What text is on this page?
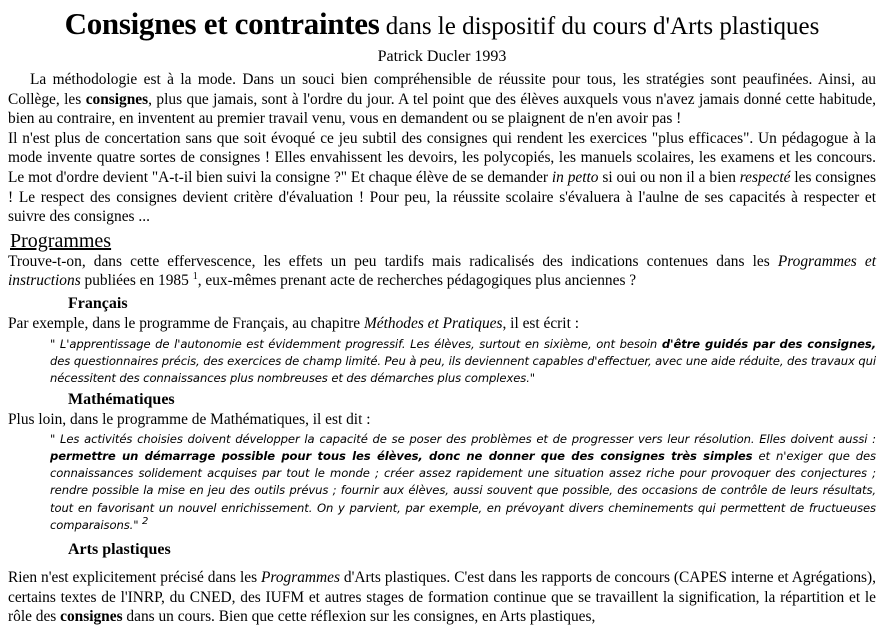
Consignes et contraintes dans le dispositif du cours d'Arts plastiques
Patrick Ducler 1993

La méthodologie est à la mode. Dans un souci bien compréhensible de réussite pour tous, les stratégies sont peaufinées. Ainsi, au Collège, les consignes, plus que jamais, sont à l'ordre du jour. A tel point que des élèves auxquels vous n'avez jamais donné cette habitude, bien au contraire, en inventent au premier travail venu, vous en demandent ou se plaignent de n'en avoir pas !

Il n'est plus de concertation sans que soit évoqué ce jeu subtil des consignes qui rendent les exercices "plus efficaces". Un pédagogue à la mode invente quatre sortes de consignes ! Elles envahissent les devoirs, les polycopiés, les manuels scolaires, les examens et les concours. Le mot d'ordre devient "A-t-il bien suivi la consigne ?" Et chaque élève de se demander in petto si oui ou non il a bien respecté les consignes ! Le respect des consignes devient critère d'évaluation ! Pour peu, la réussite scolaire s'évaluera à l'aulne de ses capacités à respecter et suivre des consignes ...

Programmes

Trouve-t-on, dans cette effervescence, les effets un peu tardifs mais radicalisés des indications contenues dans les Programmes et instructions publiées en 1985 $^1$, eux-mêmes prenant acte de recherches pédagogiques plus anciennes ?

Français

Par exemple, dans le programme de Français, au chapitre Méthodes et Pratiques, il est écrit :

" L'apprentissage de l'autonomie est évidemment progressif. Les élèves, surtout en sixième, ont besoin d'être guidés par des consignes, des questionnaires précis, des exercices de champ limité. Peu à peu, ils deviennent capables d'effectuer, avec une aide réduite, des travaux qui nécessitent des connaissances plus nombreuses et des démarches plus complexes."
Mathématiques

Plus loin, dans le programme de Mathématiques, il est dit :

" Les activités choisies doivent développer la capacité de se poser des problèmes et de progresser vers leur résolution. Elles doivent aussi : permettre un démarrage possible pour tous les élèves, donc ne donner que des consignes très simples et n'exiger que des connaissances solidement acquises par tout le monde ; créer assez rapidement une situation assez riche pour provoquer des conjectures ; rendre possible la mise en jeu des outils prévus ; fournir aux élèves, aussi souvent que possible, des occasions de contrôle de leurs résultats, tout en favorisant un nouvel enrichissement. On y parvient, par exemple, en prévoyant divers cheminements qui permettent de fructueuses comparaisons." $^2$
Arts plastiques

Rien n'est explicitement précisé dans les Programmes d'Arts plastiques. C'est dans les rapports de concours (CAPES interne et Agrégations), certains textes de l'INRP, du CNED, des IUFM et autres stages de formation continue que se travaillent la signification, la répartition et le rôle des consignes dans un cours. Bien que cette réflexion sur les consignes, en Arts plastiques,
